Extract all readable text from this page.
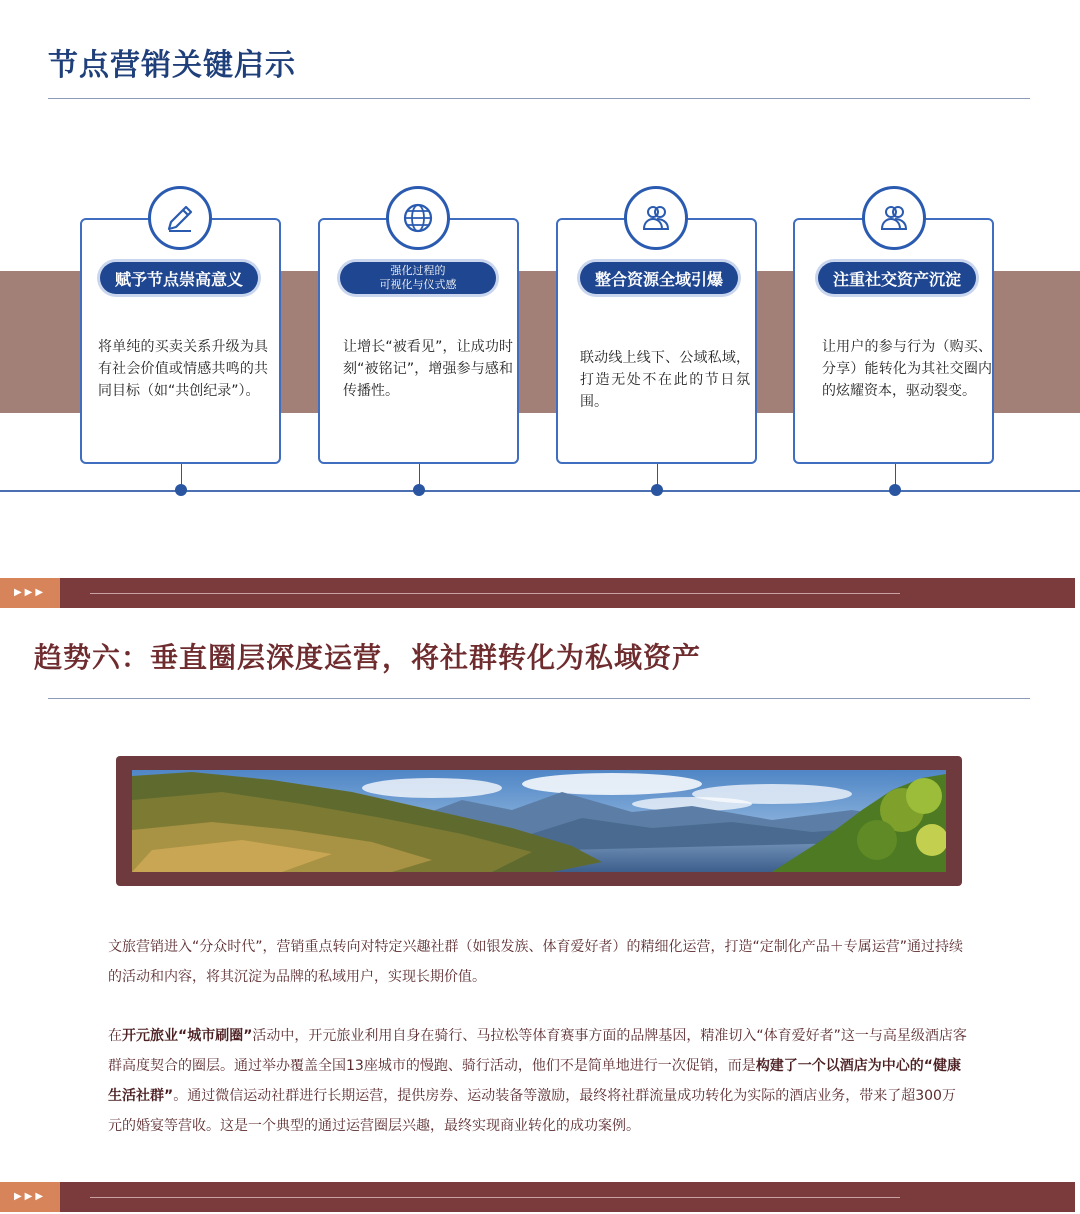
节点营销关键启示
赋予节点崇高意义
将单纯的买卖关系升级为具有社会价值或情感共鸣的共同目标（如“共创纪录”）。
强化过程的
可视化与仪式感
让增长“被看见”，让成功时刻“被铭记”，增强参与感和传播性。
整合资源全域引爆
联动线上线下、公域私域，打造无处不在此的节日氛围。
注重社交资产沉淀
让用户的参与行为（购买、分享）能转化为其社交圈内的炫耀资本，驱动裂变。
▶▶▶
趋势六：垂直圈层深度运营，将社群转化为私域资产

文旅营销进入“分众时代”，营销重点转向对特定兴趣社群（如银发族、体育爱好者）的精细化运营，打造“定制化产品＋专属运营”通过持续的活动和内容，将其沉淀为品牌的私域用户，实现长期价值。

在开元旅业“城市刷圈”活动中，开元旅业利用自身在骑行、马拉松等体育赛事方面的品牌基因，精准切入“体育爱好者”这一与高星级酒店客群高度契合的圈层。通过举办覆盖全国13座城市的慢跑、骑行活动，他们不是简单地进行一次促销，而是构建了一个以酒店为中心的“健康生活社群”。通过微信运动社群进行长期运营，提供房券、运动装备等激励，最终将社群流量成功转化为实际的酒店业务，带来了超300万元的婚宴等营收。这是一个典型的通过运营圈层兴趣，最终实现商业转化的成功案例。

▶▶▶
